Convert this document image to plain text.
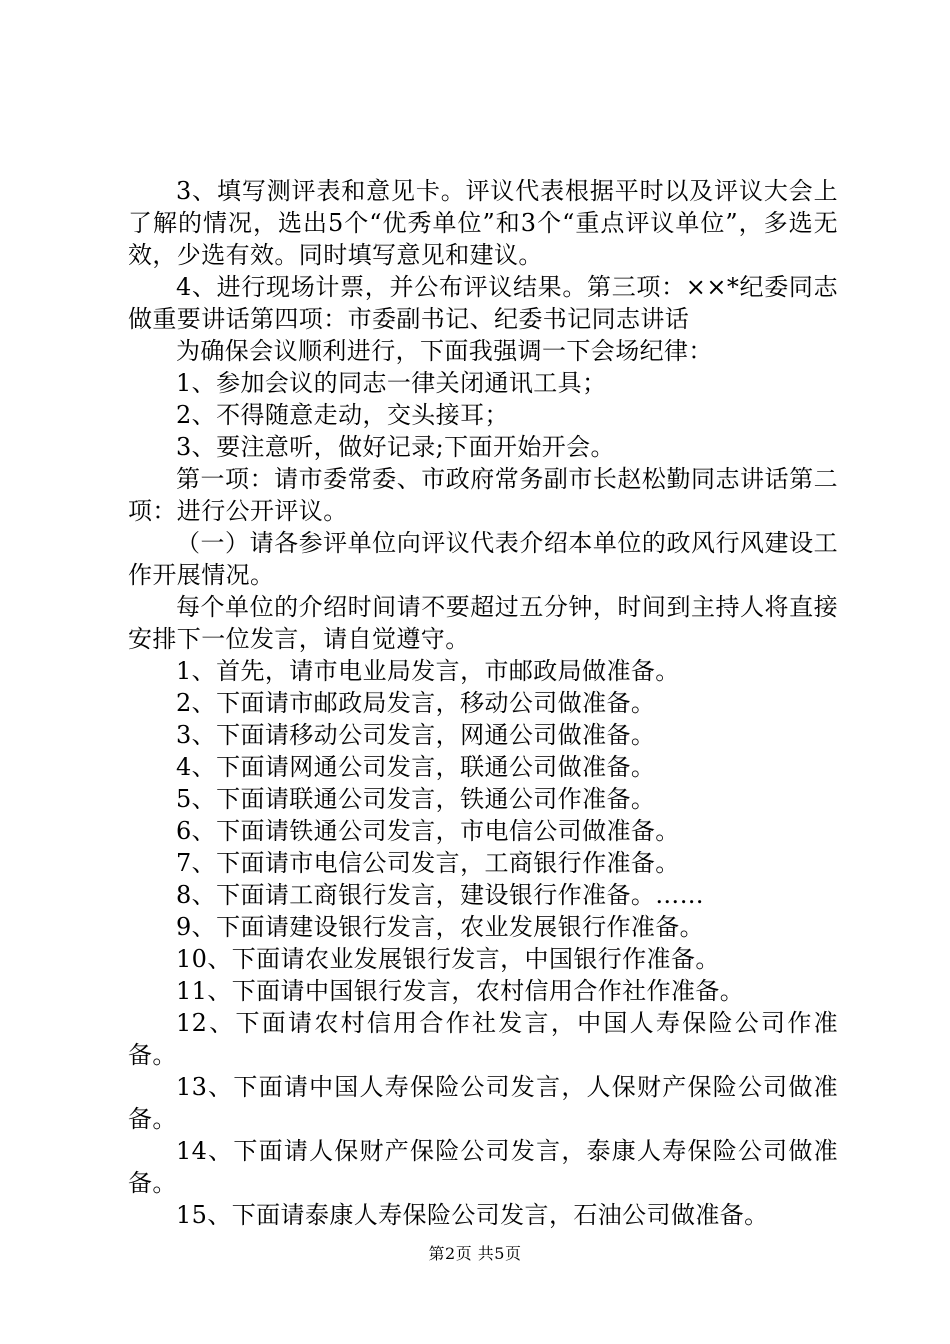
3、填写测评表和意见卡。评议代表根据平时以及评议大会上了解的情况，选出5个“优秀单位”和3个“重点评议单位”，多选无效，少选有效。同时填写意见和建议。

4、进行现场计票，并公布评议结果。第三项：××*纪委同志做重要讲话第四项：市委副书记、纪委书记同志讲话

为确保会议顺利进行，下面我强调一下会场纪律：

1、参加会议的同志一律关闭通讯工具；

2、不得随意走动，交头接耳；

3、要注意听，做好记录;下面开始开会。

第一项：请市委常委、市政府常务副市长赵松勤同志讲话第二项：进行公开评议。

（一）请各参评单位向评议代表介绍本单位的政风行风建设工作开展情况。

每个单位的介绍时间请不要超过五分钟，时间到主持人将直接安排下一位发言，请自觉遵守。

1、首先，请市电业局发言，市邮政局做准备。

2、下面请市邮政局发言，移动公司做准备。

3、下面请移动公司发言，网通公司做准备。

4、下面请网通公司发言，联通公司做准备。

5、下面请联通公司发言，铁通公司作准备。

6、下面请铁通公司发言，市电信公司做准备。

7、下面请市电信公司发言，工商银行作准备。

8、下面请工商银行发言，建设银行作准备。……

9、下面请建设银行发言，农业发展银行作准备。

10、下面请农业发展银行发言，中国银行作准备。

11、下面请中国银行发言，农村信用合作社作准备。

12、下面请农村信用合作社发言，中国人寿保险公司作准备。

13、下面请中国人寿保险公司发言，人保财产保险公司做准备。

14、下面请人保财产保险公司发言，泰康人寿保险公司做准备。

15、下面请泰康人寿保险公司发言，石油公司做准备。

第2页 共5页
